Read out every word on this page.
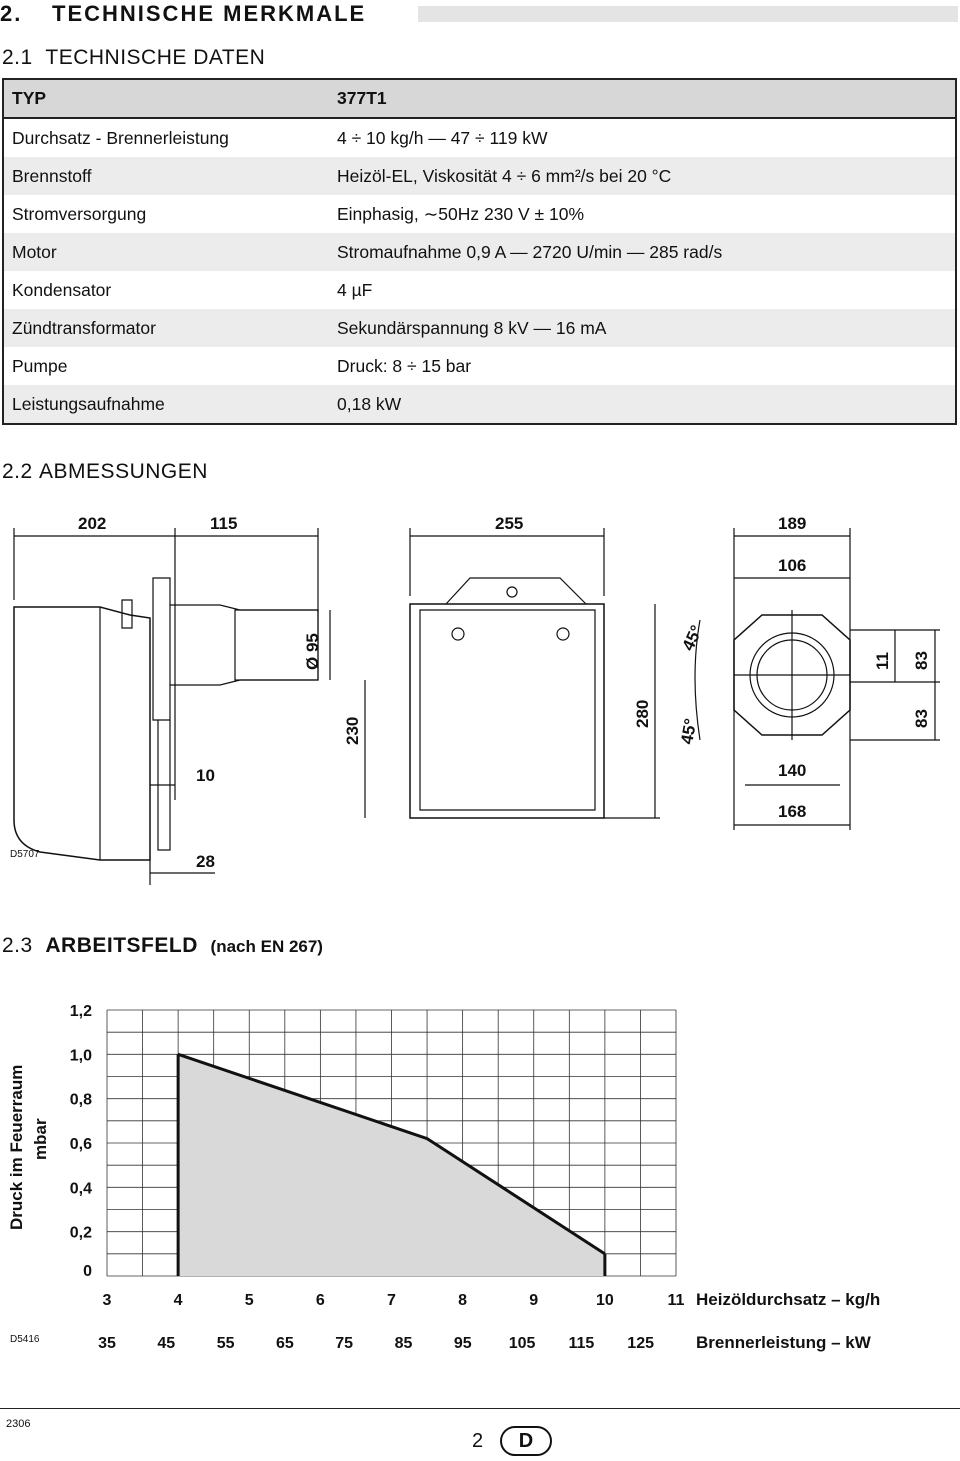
2. TECHNISCHE MERKMALE
2.1 TECHNISCHE DATEN
TYP	377T1
Durchsatz - Brennerleistung	4 ÷ 10 kg/h — 47 ÷ 119 kW
Brennstoff	Heizöl-EL, Viskosität 4 ÷ 6 mm²/s bei 20 °C
Stromversorgung	Einphasig, ∼50Hz 230 V ± 10%
Motor	Stromaufnahme 0,9 A — 2720 U/min — 285 rad/s
Kondensator	4 µF
Zündtransformator	Sekundärspannung 8 kV — 16 mA
Pumpe	Druck: 8 ÷ 15 bar
Leistungsaufnahme	0,18 kW
2.2 ABMESSUNGEN
202	115	255	189
106
Ø 95	45°
45°
11 83
83
230
280
10	140
168
28
D5707
2.3 ARBEITSFELD (nach EN 267)
0
0,2
0,4
0,6
0,8
1,0
1,2
3	4	5	6	7	8	9	10	11
35	45	55	65	75	85	95 105 115 125
Druck im Feuerraum mbar
Heizöldurchsatz – kg/h
Brennerleistung – kW
D5416
2306
2	D
